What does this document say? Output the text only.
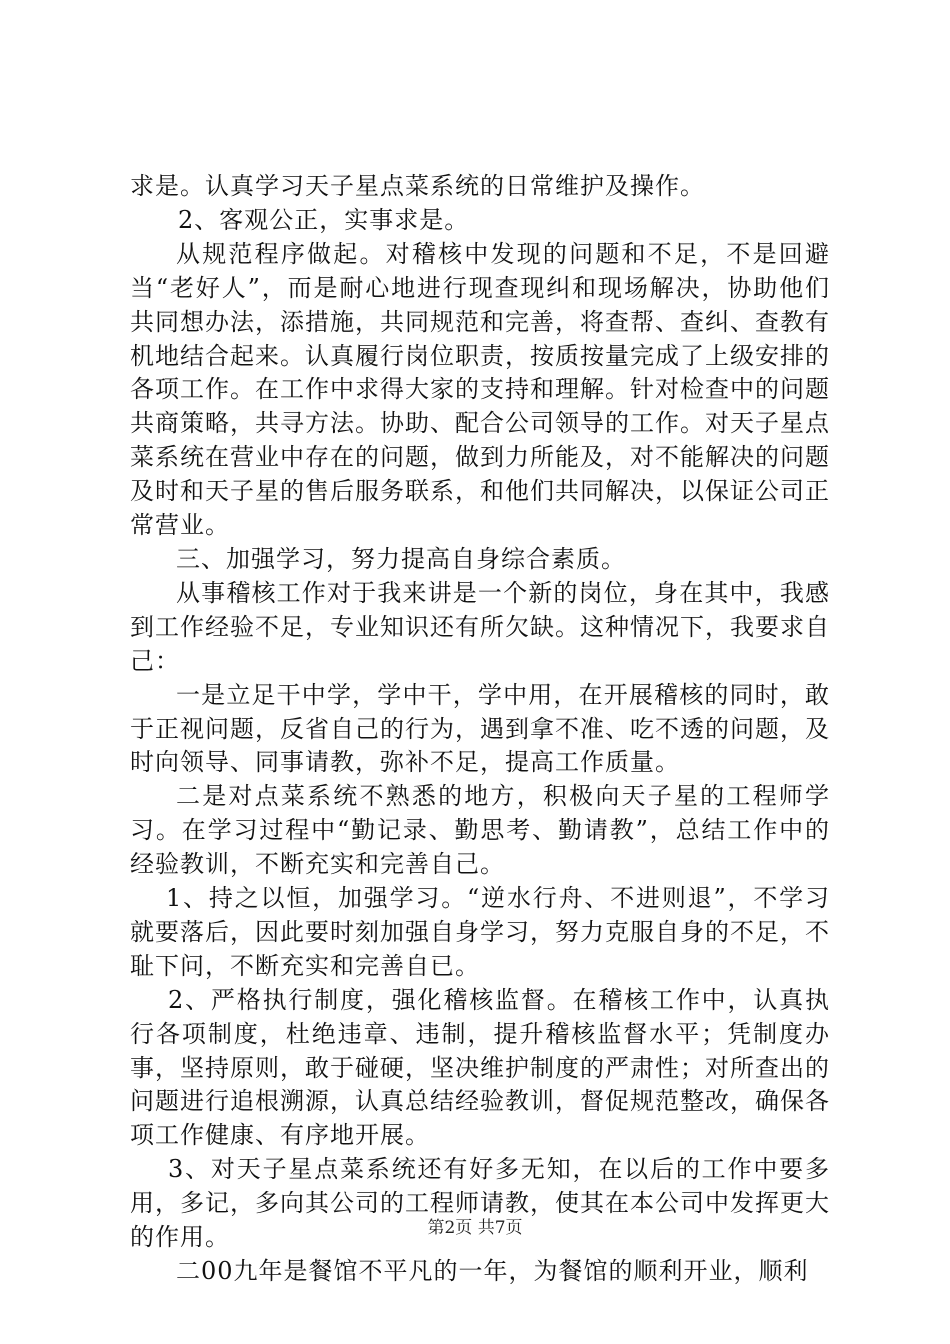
求是。认真学习天子星点菜系统的日常维护及操作。

2、客观公正，实事求是。

从规范程序做起。对稽核中发现的问题和不足，不是回避当“老好人”，而是耐心地进行现查现纠和现场解决，协助他们共同想办法，添措施，共同规范和完善，将查帮、查纠、查教有机地结合起来。认真履行岗位职责，按质按量完成了上级安排的各项工作。在工作中求得大家的支持和理解。针对检查中的问题共商策略，共寻方法。协助、配合公司领导的工作。对天子星点菜系统在营业中存在的问题，做到力所能及，对不能解决的问题及时和天子星的售后服务联系，和他们共同解决，以保证公司正常营业。

三、加强学习，努力提高自身综合素质。

从事稽核工作对于我来讲是一个新的岗位，身在其中，我感到工作经验不足，专业知识还有所欠缺。这种情况下，我要求自己：

一是立足干中学，学中干，学中用，在开展稽核的同时，敢于正视问题，反省自己的行为，遇到拿不准、吃不透的问题，及时向领导、同事请教，弥补不足，提高工作质量。

二是对点菜系统不熟悉的地方，积极向天子星的工程师学习。在学习过程中“勤记录、勤思考、勤请教”，总结工作中的经验教训，不断充实和完善自己。

1、持之以恒，加强学习。“逆水行舟、不进则退”，不学习就要落后，因此要时刻加强自身学习，努力克服自身的不足，不耻下问，不断充实和完善自已。

2、严格执行制度，强化稽核监督。在稽核工作中，认真执行各项制度，杜绝违章、违制，提升稽核监督水平；凭制度办事，坚持原则，敢于碰硬，坚决维护制度的严肃性；对所查出的问题进行追根溯源，认真总结经验教训，督促规范整改，确保各项工作健康、有序地开展。

3、对天子星点菜系统还有好多无知，在以后的工作中要多用，多记，多向其公司的工程师请教，使其在本公司中发挥更大的作用。

二00九年是餐馆不平凡的一年，为餐馆的顺利开业，顺利

第2页 共7页
